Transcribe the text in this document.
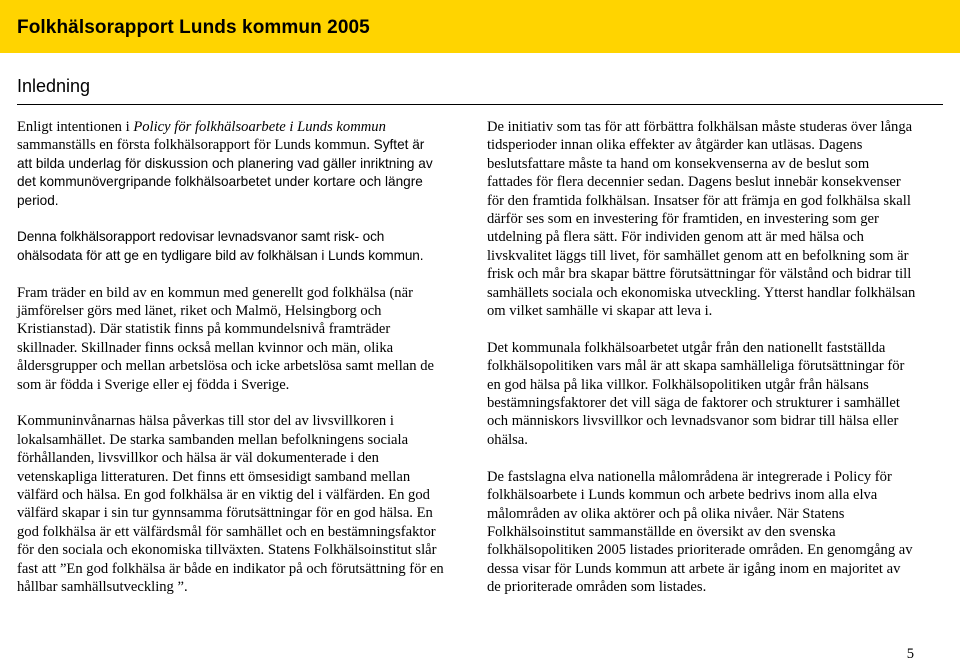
Folkhälsorapport Lunds kommun 2005
Inledning

Enligt intentionen i Policy för folkhälsoarbete i Lunds kommun sammanställs en första folkhälsorapport för Lunds kommun. Syftet är att bilda underlag för diskussion och planering vad gäller inriktning av det kommunövergripande folkhälsoarbetet under kortare och längre period.

Denna folkhälsorapport redovisar levnadsvanor samt risk- och ohälsodata för att ge en tydligare bild av folkhälsan i Lunds kommun.

Fram träder en bild av en kommun med generellt god folkhälsa (när jämförelser görs med länet, riket och Malmö, Helsingborg och Kristianstad). Där statistik finns på kommundelsnivå framträder skillnader. Skillnader finns också mellan kvinnor och män, olika åldersgrupper och mellan arbetslösa och icke arbetslösa samt mellan de som är födda i Sverige eller ej födda i Sverige.

Kommuninvånarnas hälsa påverkas till stor del av livsvillkoren i lokalsamhället. De starka sambanden mellan befolkningens sociala förhållanden, livsvillkor och hälsa är väl dokumenterade i den vetenskapliga litteraturen. Det finns ett ömsesidigt samband mellan välfärd och hälsa. En god folkhälsa är en viktig del i välfärden. En god välfärd skapar i sin tur gynnsamma förutsättningar för en god hälsa. En god folkhälsa är ett välfärdsmål för samhället och en bestämningsfaktor för den sociala och ekonomiska tillväxten. Statens Folkhälsoinstitut slår fast att ”En god folkhälsa är både en indikator på och förutsättning för en hållbar samhällsutveckling ”.

De initiativ som tas för att förbättra folkhälsan måste studeras över långa tidsperioder innan olika effekter av åtgärder kan utläsas. Dagens beslutsfattare måste ta hand om konsekvenserna av de beslut som fattades för flera decennier sedan. Dagens beslut innebär konsekvenser för den framtida folkhälsan. Insatser för att främja en god folkhälsa skall därför ses som en investering för framtiden, en investering som ger utdelning på flera sätt. För individen genom att är med hälsa och livskvalitet läggs till livet, för samhället genom att en befolkning som är frisk och mår bra skapar bättre förutsättningar för välstånd och bidrar till samhällets sociala och ekonomiska utveckling. Ytterst handlar folkhälsan om vilket samhälle vi skapar att leva i.

Det kommunala folkhälsoarbetet utgår från den nationellt fastställda folkhälsopolitiken vars mål är att skapa samhälleliga förutsättningar för en god hälsa på lika villkor. Folkhälsopolitiken utgår från hälsans bestämningsfaktorer det vill säga de faktorer och strukturer i samhället och människors livsvillkor och levnadsvanor som bidrar till hälsa eller ohälsa.

De fastslagna elva nationella målområdena är integrerade i Policy för folkhälsoarbete i Lunds kommun och arbete bedrivs inom alla elva målområden av olika aktörer och på olika nivåer. När Statens Folkhälsoinstitut sammanställde en översikt av den svenska folkhälsopolitiken 2005 listades prioriterade områden. En genomgång av dessa visar för Lunds kommun att arbete är igång inom en majoritet av de prioriterade områden som listades.

5
